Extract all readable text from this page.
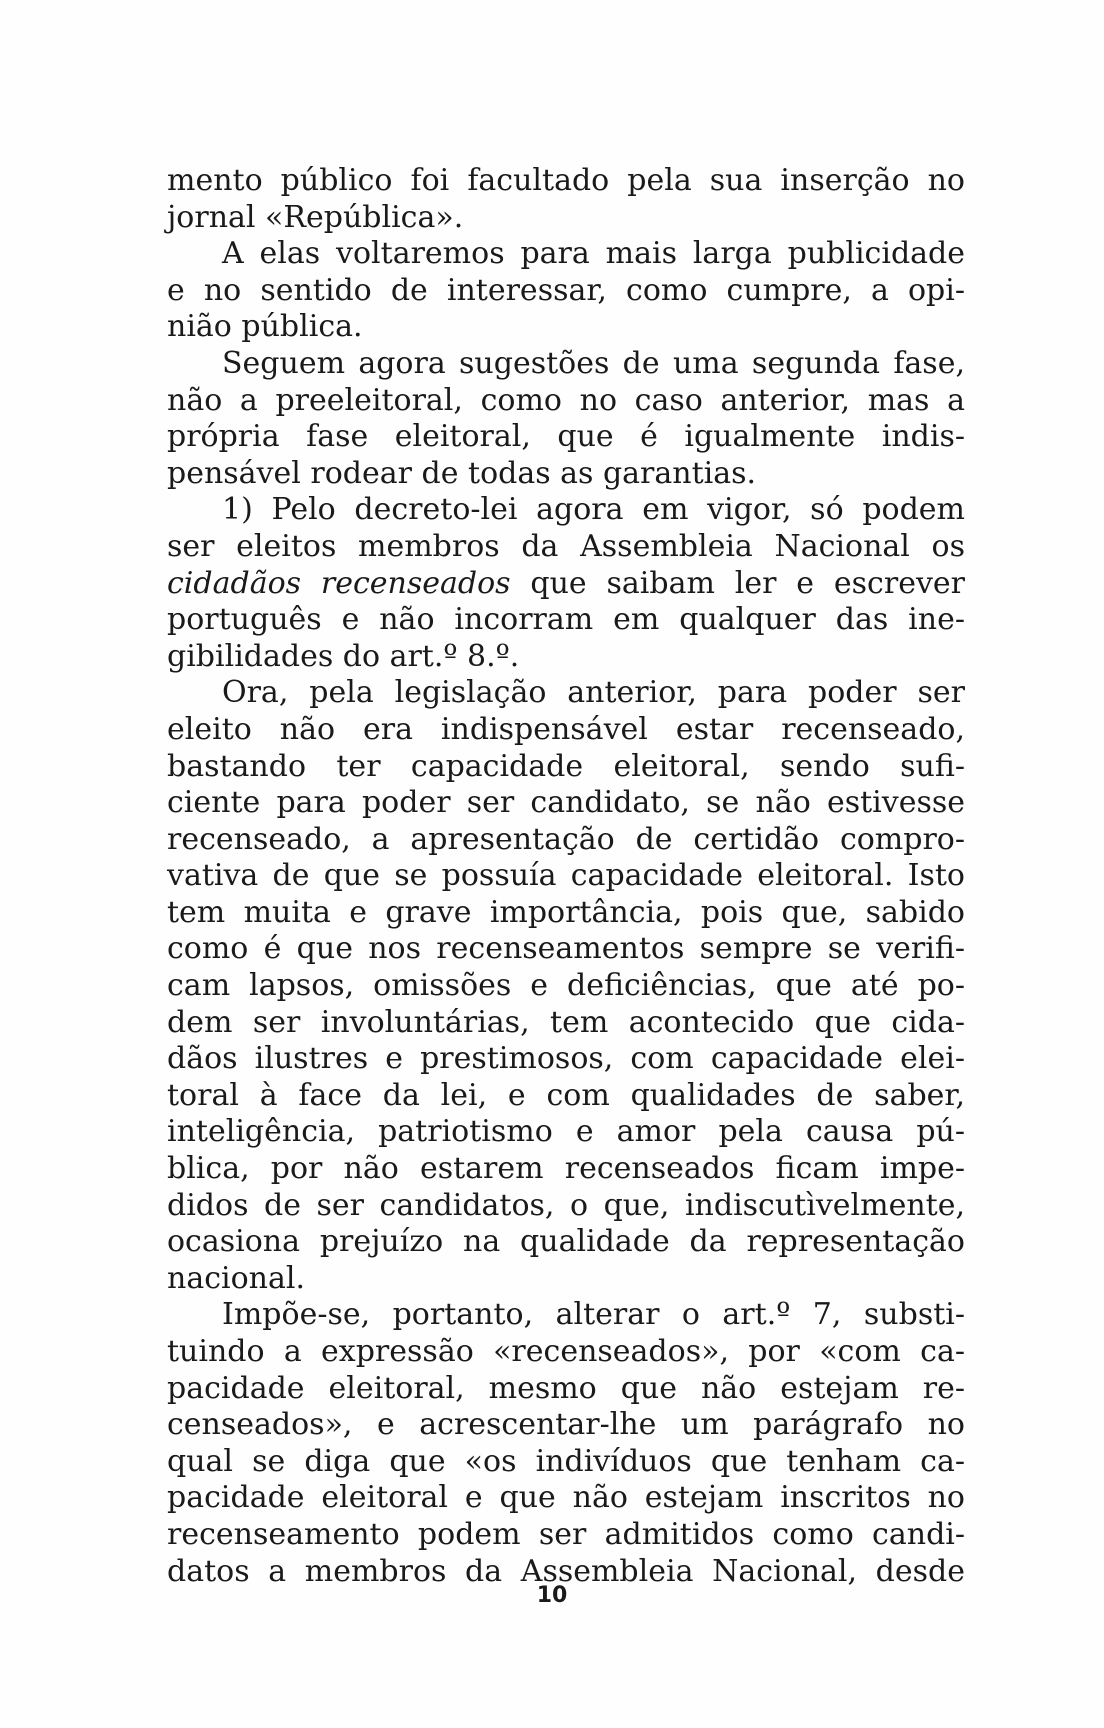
mento público foi facultado pela sua inserção no
jornal «República».

A elas voltaremos para mais larga publicidade
e no sentido de interessar, como cumpre, a opi-
nião pública.

Seguem agora sugestões de uma segunda fase,
não a preeleitoral, como no caso anterior, mas a
própria fase eleitoral, que é igualmente indis-
pensável rodear de todas as garantias.

1) Pelo decreto-lei agora em vigor, só podem
ser eleitos membros da Assembleia Nacional os
cidadãos recenseados que saibam ler e escrever
português e não incorram em qualquer das ine-
gibilidades do art.º 8.º.

Ora, pela legislação anterior, para poder ser
eleito não era indispensável estar recenseado,
bastando ter capacidade eleitoral, sendo sufi-
ciente para poder ser candidato, se não estivesse
recenseado, a apresentação de certidão compro-
vativa de que se possuía capacidade eleitoral. Isto
tem muita e grave importância, pois que, sabido
como é que nos recenseamentos sempre se verifi-
cam lapsos, omissões e deficiências, que até po-
dem ser involuntárias, tem acontecido que cida-
dãos ilustres e prestimosos, com capacidade elei-
toral à face da lei, e com qualidades de saber,
inteligência, patriotismo e amor pela causa pú-
blica, por não estarem recenseados ficam impe-
didos de ser candidatos, o que, indiscutìvelmente,
ocasiona prejuízo na qualidade da representação
nacional.

Impõe-se, portanto, alterar o art.º 7, substi-
tuindo a expressão «recenseados», por «com ca-
pacidade eleitoral, mesmo que não estejam re-
censeados», e acrescentar-lhe um parágrafo no
qual se diga que «os indivíduos que tenham ca-
pacidade eleitoral e que não estejam inscritos no
recenseamento podem ser admitidos como candi-
datos a membros da Assembleia Nacional, desde

10
